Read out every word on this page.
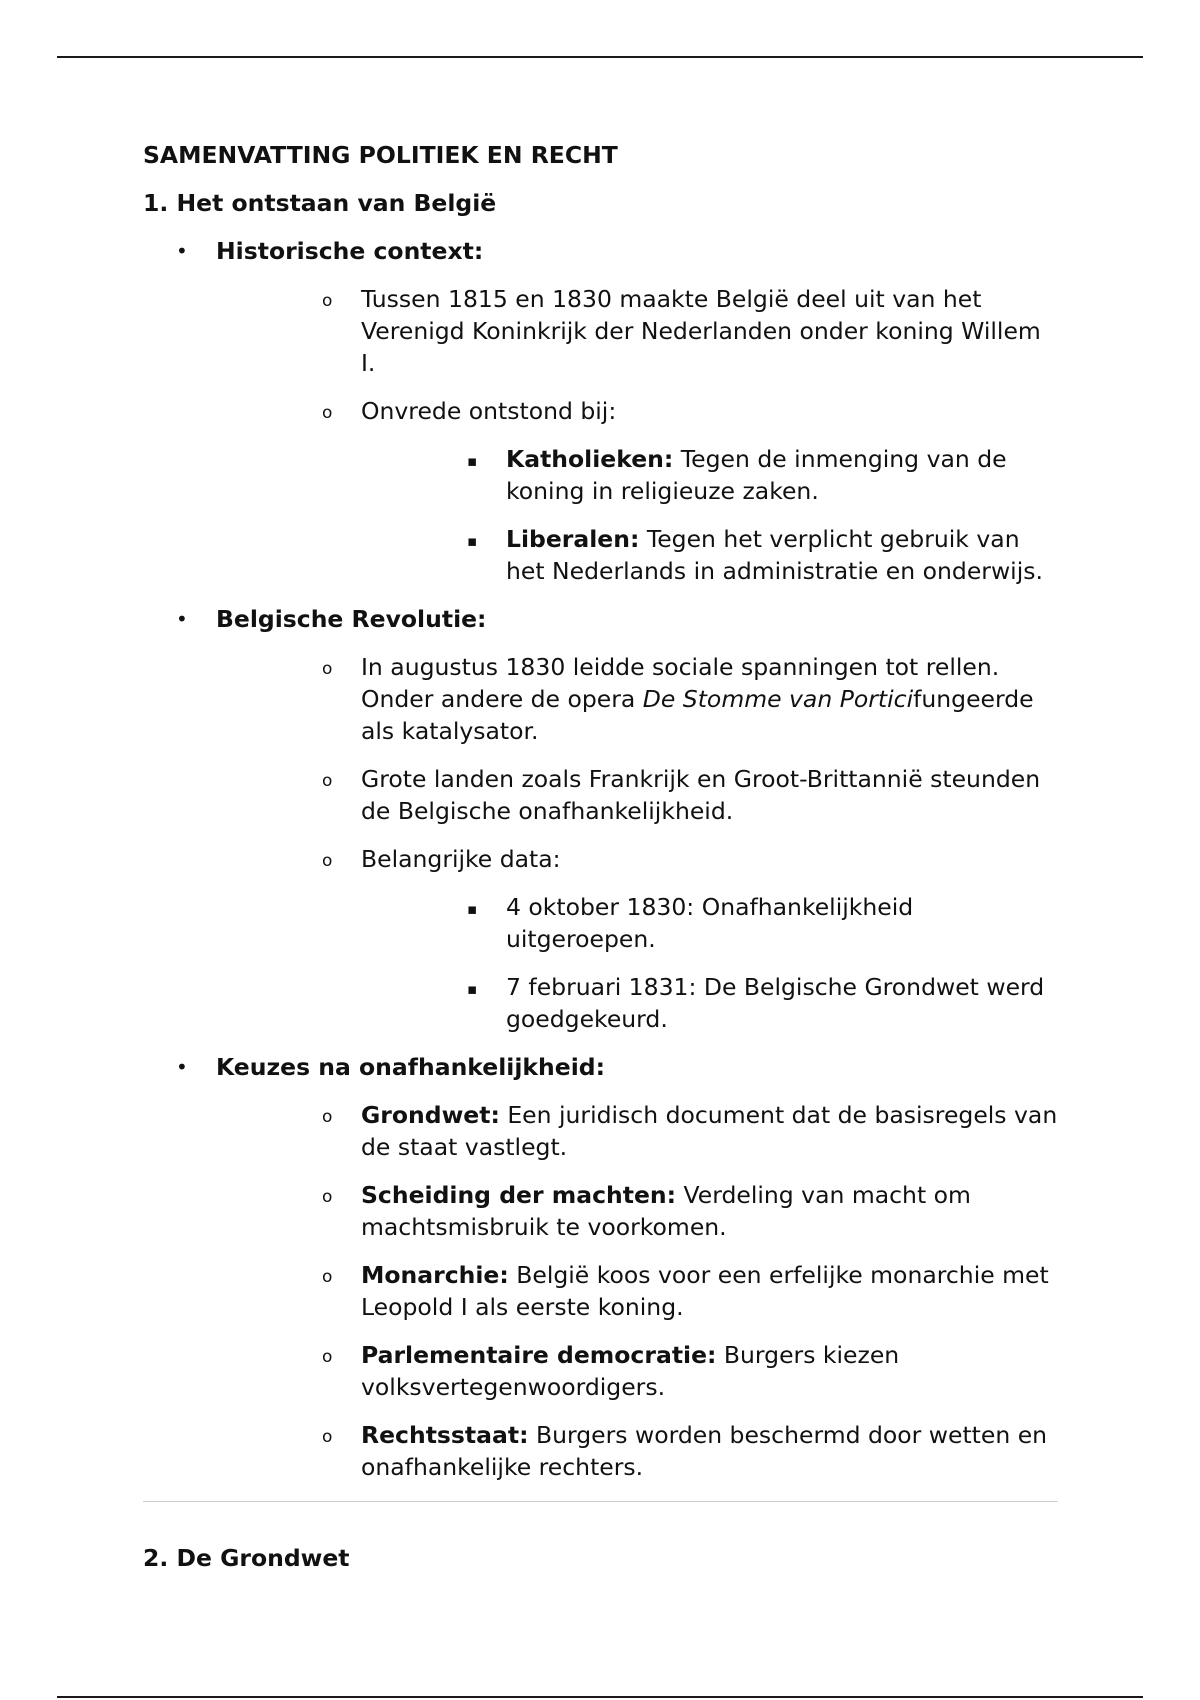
SAMENVATTING POLITIEK EN RECHT

1. Het ontstaan van België

• Historische context:
o Tussen 1815 en 1830 maakte België deel uit van het Verenigd Koninkrijk der Nederlanden onder koning Willem I.
o Onvrede ontstond bij:
▪ Katholieken: Tegen de inmenging van de koning in religieuze zaken.
▪ Liberalen: Tegen het verplicht gebruik van het Nederlands in administratie en onderwijs.
• Belgische Revolutie:
o In augustus 1830 leidde sociale spanningen tot rellen. Onder andere de opera De Stomme van Porticifungeerde als katalysator.
o Grote landen zoals Frankrijk en Groot-Brittannië steunden de Belgische onafhankelijkheid.
o Belangrijke data:
▪ 4 oktober 1830: Onafhankelijkheid uitgeroepen.
▪ 7 februari 1831: De Belgische Grondwet werd goedgekeurd.
• Keuzes na onafhankelijkheid:
o Grondwet: Een juridisch document dat de basisregels van de staat vastlegt.
o Scheiding der machten: Verdeling van macht om machtsmisbruik te voorkomen.
o Monarchie: België koos voor een erfelijke monarchie met Leopold I als eerste koning.
o Parlementaire democratie: Burgers kiezen volksvertegenwoordigers.
o Rechtsstaat: Burgers worden beschermd door wetten en onafhankelijke rechters.

2. De Grondwet
